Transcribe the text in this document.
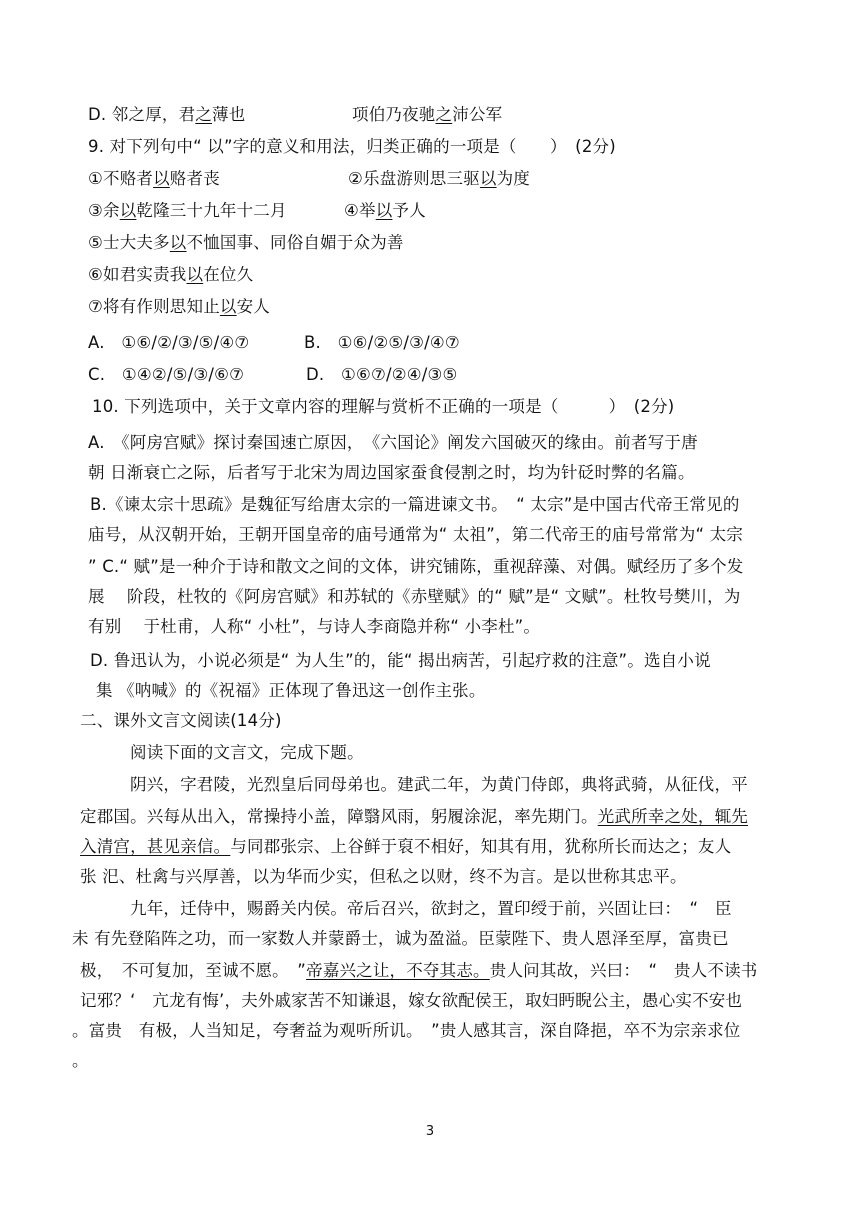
D. 邻之厚，君之薄也	项伯乃夜驰之沛公军
9. 对下列句中“ 以”字的意义和用法，归类正确的一项是（　　）　(2分)
①不赂者以赂者丧	②乐盘游则思三驱以为度
③余以乾隆三十九年十二月	④举以予人
⑤士大夫多以不恤国事、同俗自媚于众为善
⑥如君实责我以在位久
⑦将有作则思知止以安人
A.　①⑥/②/③/⑤/④⑦	B.　①⑥/②⑤/③/④⑦
C.　①④②/⑤/③/⑥⑦	D.　①⑥⑦/②④/③⑤
10. 下列选项中，关于文章内容的理解与赏析不正确的一项是（　　　）　(2分)
A.　《阿房宫赋》探讨秦国速亡原因，　《六国论》阐发六国破灭的缘由。前者写于唐
朝 日渐衰亡之际，后者写于北宋为周边国家蚕食侵割之时，均为针砭时弊的名篇。
B.《谏太宗十思疏》是魏征写给唐太宗的一篇进谏文书。　“ 太宗”是中国古代帝王常见的
庙号，从汉朝开始，王朝开国皇帝的庙号通常为“ 太祖”，第二代帝王的庙号常常为“ 太宗
” C.“ 赋”是一种介于诗和散文之间的文体，讲究铺陈，重视辞藻、对偶。赋经历了多个发
展　 阶段，杜牧的《阿房宫赋》和苏轼的《赤壁赋》的“ 赋”是“ 文赋”。杜牧号樊川，为
有别　 于杜甫，人称“ 小杜”，与诗人李商隐并称“ 小李杜”。
D. 鲁迅认为，小说必须是“ 为人生”的，能“ 揭出病苦，引起疗救的注意”。选自小说
集 《呐喊》的《祝福》正体现了鲁迅这一创作主张。
二、课外文言文阅读(14分)
阅读下面的文言文，完成下题。
阴兴，字君陵，光烈皇后同母弟也。建武二年，为黄门侍郎，典将武骑，从征伐，平
定郡国。兴每从出入，常操持小盖，障翳风雨，躬履涂泥，率先期门。光武所幸之处，辄先
入清宫，甚见亲信。与同郡张宗、上谷鲜于裒不相好，知其有用，犹称所长而达之；友人
张 汜、杜禽与兴厚善，以为华而少实，但私之以财，终不为言。是以世称其忠平。
九年，迁侍中，赐爵关内侯。帝后召兴，欲封之，置印绶于前，兴固让曰：　“　臣
未 有先登陷阵之功，而一家数人并蒙爵士，诚为盈溢。臣蒙陛下、贵人恩泽至厚，富贵已
极，　不可复加，至诚不愿。　”帝嘉兴之让，不夺其志。贵人问其故，兴曰：　“　贵人不读书
记邪？‘　亢龙有悔’，夫外戚家苦不知谦退，嫁女欲配侯王，取妇眄睨公主，愚心实不安也
。富贵　有极，人当知足，夸奢益为观听所讥。　”贵人感其言，深自降挹，卒不为宗亲求位
。
3
